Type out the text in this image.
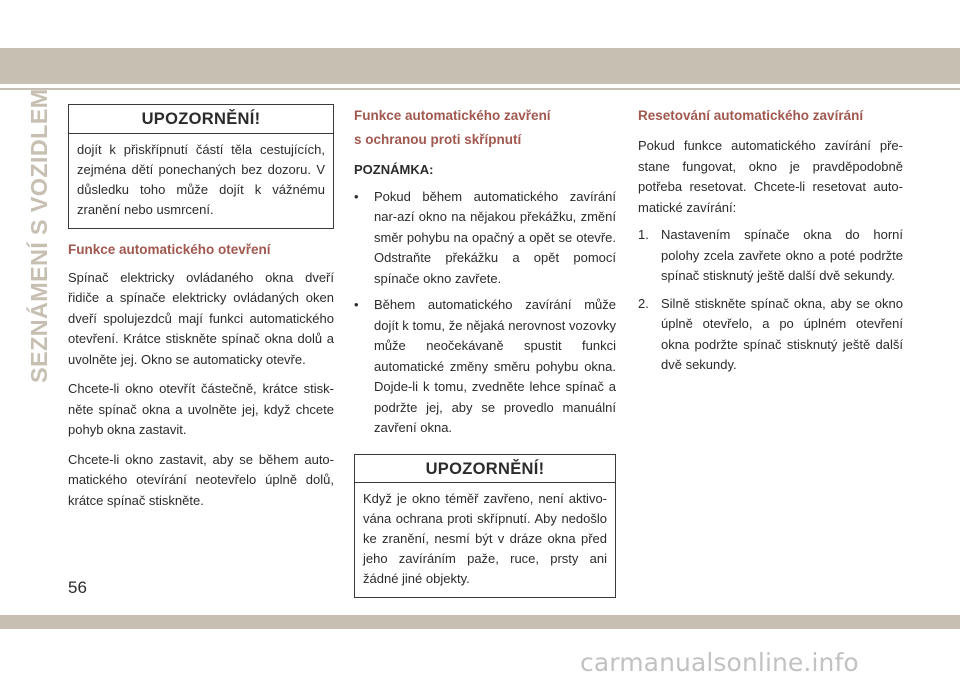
SEZNÁMENÍ S VOZIDLEM	UPOZORNĚNÍ!
dojít k přiskřípnutí částí těla cestujících, zejména dětí ponechaných bez dozoru. V důsledku toho může dojít k vážnému zranění nebo usmrcení.
Funkce automatického otevření

Spínač elektricky ovládaného okna dveří řidiče a spínače elektricky ovládaných oken dveří spolujezdců mají funkci automatického otevření. Krátce stiskněte spínač okna dolů a uvolněte jej. Okno se automaticky otevře.

Chcete-li okno otevřít částečně, krátce stisk-něte spínač okna a uvolněte jej, když chcete pohyb okna zastavit.

Chcete-li okno zastavit, aby se během auto-matického otevírání neotevřelo úplně dolů, krátce spínač stiskněte.

Funkce automatického zavření
s ochranou proti skřípnutí
POZNÁMKA:
• Pokud během automatického zavírání nar-azí okno na nějakou překážku, změní směr pohybu na opačný a opět se otevře. Odstraňte překážku a opět pomocí spínače okno zavřete.
• Během automatického zavírání může dojít k tomu, že nějaká nerovnost vozovky může neočekávaně spustit funkci automatické změny směru pohybu okna. Dojde-li k tomu, zvedněte lehce spínač a podržte jej, aby se provedlo manuální zavření okna.
UPOZORNĚNÍ!
Když je okno téměř zavřeno, není aktivo-vána ochrana proti skřípnutí. Aby nedošlo ke zranění, nesmí být v dráze okna před jeho zavíráním paže, ruce, prsty ani žádné jiné objekty.
Resetování automatického zavírání

Pokud funkce automatického zavírání pře-stane fungovat, okno je pravděpodobně potřeba resetovat. Chcete-li resetovat auto-matické zavírání:

1. Nastavením spínače okna do horní polohy zcela zavřete okno a poté podržte spínač stisknutý ještě další dvě sekundy.
2. Silně stiskněte spínač okna, aby se okno úplně otevřelo, a po úplném otevření okna podržte spínač stisknutý ještě další dvě sekundy.
56
carmanualsonline.info
